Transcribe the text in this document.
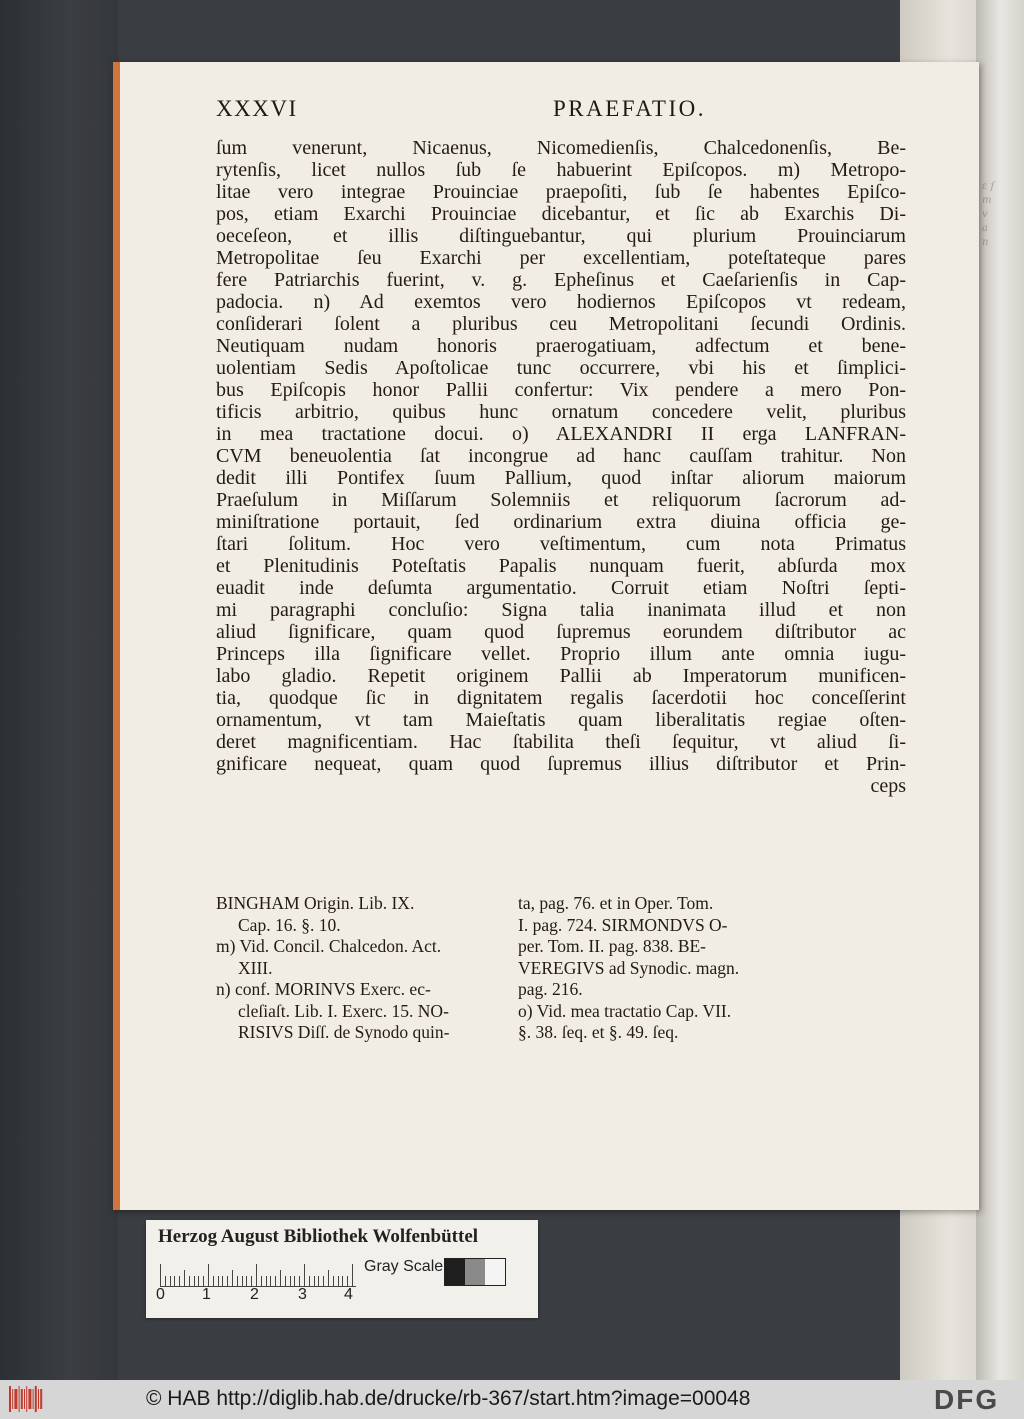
ε ſ
m
v
a
n
XXXVI	PRAEFATIO.
ſum venerunt, Nicaenus, Nicomedienſis, Chalcedonenſis, Be-
rytenſis, licet nullos ſub ſe habuerint Epiſcopos. m) Metropo-
litae vero integrae Prouinciae praepoſiti, ſub ſe habentes Epiſco-
pos, etiam Exarchi Prouinciae dicebantur, et ſic ab Exarchis Di-
oeceſeon, et illis diſtinguebantur, qui plurium Prouinciarum
Metropolitae ſeu Exarchi per excellentiam, poteſtateque pares
fere Patriarchis fuerint, v. g. Epheſinus et Caeſarienſis in Cap-
padocia. n) Ad exemtos vero hodiernos Epiſcopos vt redeam,
conſiderari ſolent a pluribus ceu Metropolitani ſecundi Ordinis.
Neutiquam nudam honoris praerogatiuam, adfectum et bene-
uolentiam Sedis Apoſtolicae tunc occurrere, vbi his et ſimplici-
bus Epiſcopis honor Pallii confertur: Vix pendere a mero Pon-
tificis arbitrio, quibus hunc ornatum concedere velit, pluribus
in mea tractatione docui. o) ALEXANDRI II erga LANFRAN-
CVM beneuolentia ſat incongrue ad hanc cauſſam trahitur. Non
dedit illi Pontifex ſuum Pallium, quod inſtar aliorum maiorum
Praeſulum in Miſſarum Solemniis et reliquorum ſacrorum ad-
miniſtratione portauit, ſed ordinarium extra diuina officia ge-
ſtari ſolitum. Hoc vero veſtimentum, cum nota Primatus
et Plenitudinis Poteſtatis Papalis nunquam fuerit, abſurda mox
euadit inde deſumta argumentatio. Corruit etiam Noſtri ſepti-
mi paragraphi concluſio: Signa talia inanimata illud et non
aliud ſignificare, quam quod ſupremus eorundem diſtributor ac
Princeps illa ſignificare vellet. Proprio illum ante omnia iugu-
labo gladio. Repetit originem Pallii ab Imperatorum munificen-
tia, quodque ſic in dignitatem regalis ſacerdotii hoc conceſſerint
ornamentum, vt tam Maieſtatis quam liberalitatis regiae oſten-
deret magnificentiam. Hac ſtabilita theſi ſequitur, vt aliud ſi-
gnificare nequeat, quam quod ſupremus illius diſtributor et Prin-
ceps
BINGHAM Origin. Lib. IX.
Cap. 16. §. 10.
m) Vid. Concil. Chalcedon. Act.
XIII.
n) conf. MORINVS Exerc. ec-
cleſiaſt. Lib. I. Exerc. 15. NO-
RISIVS Diſſ. de Synodo quin-
ta, pag. 76. et in Oper. Tom.
I. pag. 724. SIRMONDVS O-
per. Tom. II. pag. 838. BE-
VEREGIVS ad Synodic. magn.
pag. 216.
o) Vid. mea tractatio Cap. VII.
§. 38. ſeq. et §. 49. ſeq.
Herzog August Bibliothek Wolfenbüttel
0 1 2 3 4
Gray Scale
© HAB http://diglib.hab.de/drucke/rb-367/start.htm?image=00048	DFG
